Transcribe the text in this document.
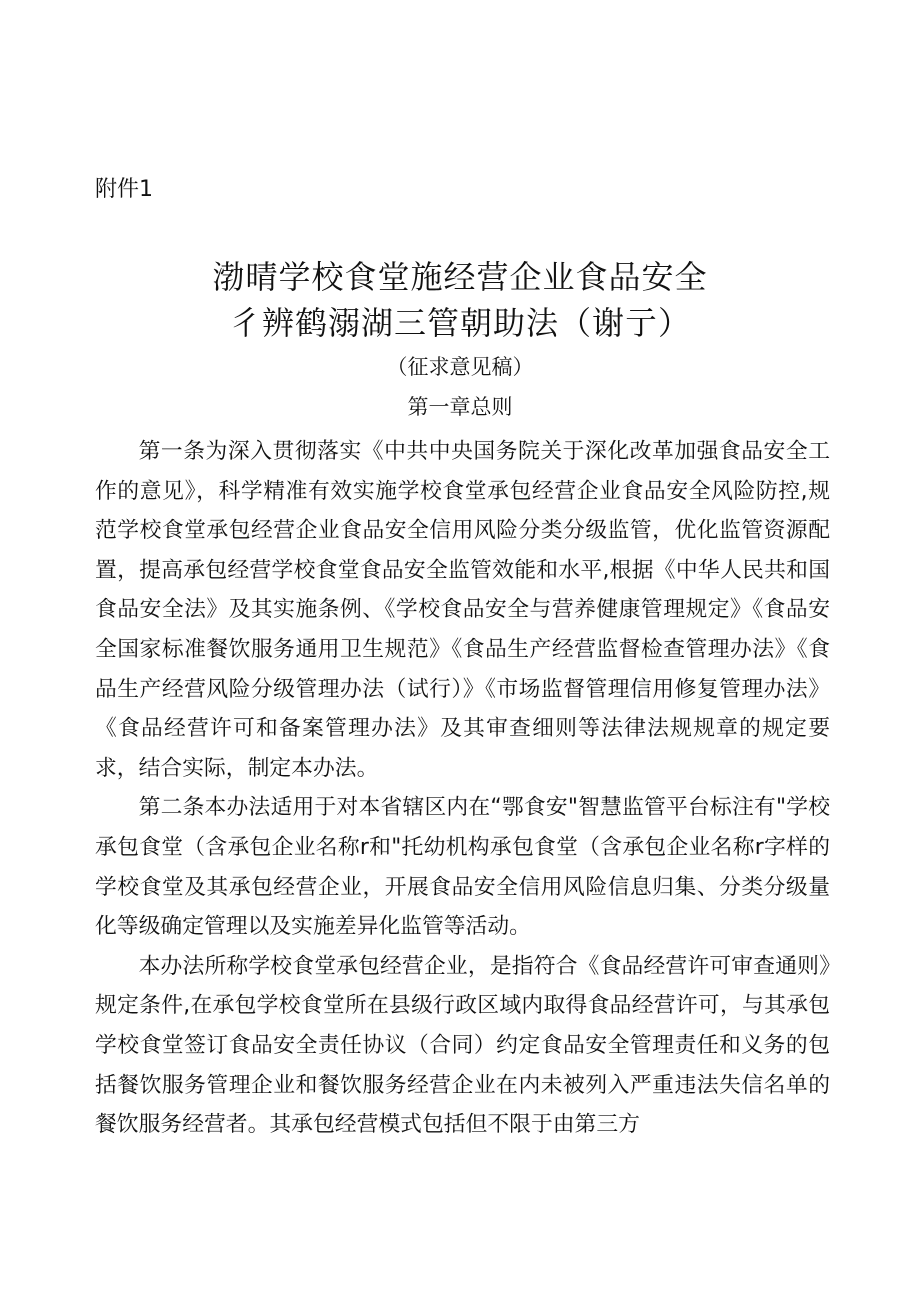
附件1
渤晴学校食堂施经营企业食品安全
彳辨鹤溺湖三管朝助法（谢亍）
（征求意见稿）
第一章总则

第一条为深入贯彻落实《中共中央国务院关于深化改革加强食品安全工作的意见》，科学精准有效实施学校食堂承包经营企业食品安全风险防控,规范学校食堂承包经营企业食品安全信用风险分类分级监管，优化监管资源配置，提高承包经营学校食堂食品安全监管效能和水平,根据《中华人民共和国食品安全法》及其实施条例、《学校食品安全与营养健康管理规定》《食品安全国家标准餐饮服务通用卫生规范》《食品生产经营监督检查管理办法》《食品生产经营风险分级管理办法（试行）》《市场监督管理信用修复管理办法》《食品经营许可和备案管理办法》及其审查细则等法律法规规章的规定要求，结合实际，制定本办法。

第二条本办法适用于对本省辖区内在“鄂食安"智慧监管平台标注有"学校承包食堂（含承包企业名称r和"托幼机构承包食堂（含承包企业名称r字样的学校食堂及其承包经营企业，开展食品安全信用风险信息归集、分类分级量化等级确定管理以及实施差异化监管等活动。

本办法所称学校食堂承包经营企业，是指符合《食品经营许可审查通则》规定条件,在承包学校食堂所在县级行政区域内取得食品经营许可，与其承包学校食堂签订食品安全责任协议（合同）约定食品安全管理责任和义务的包括餐饮服务管理企业和餐饮服务经营企业在内未被列入严重违法失信名单的餐饮服务经营者。其承包经营模式包括但不限于由第三方
